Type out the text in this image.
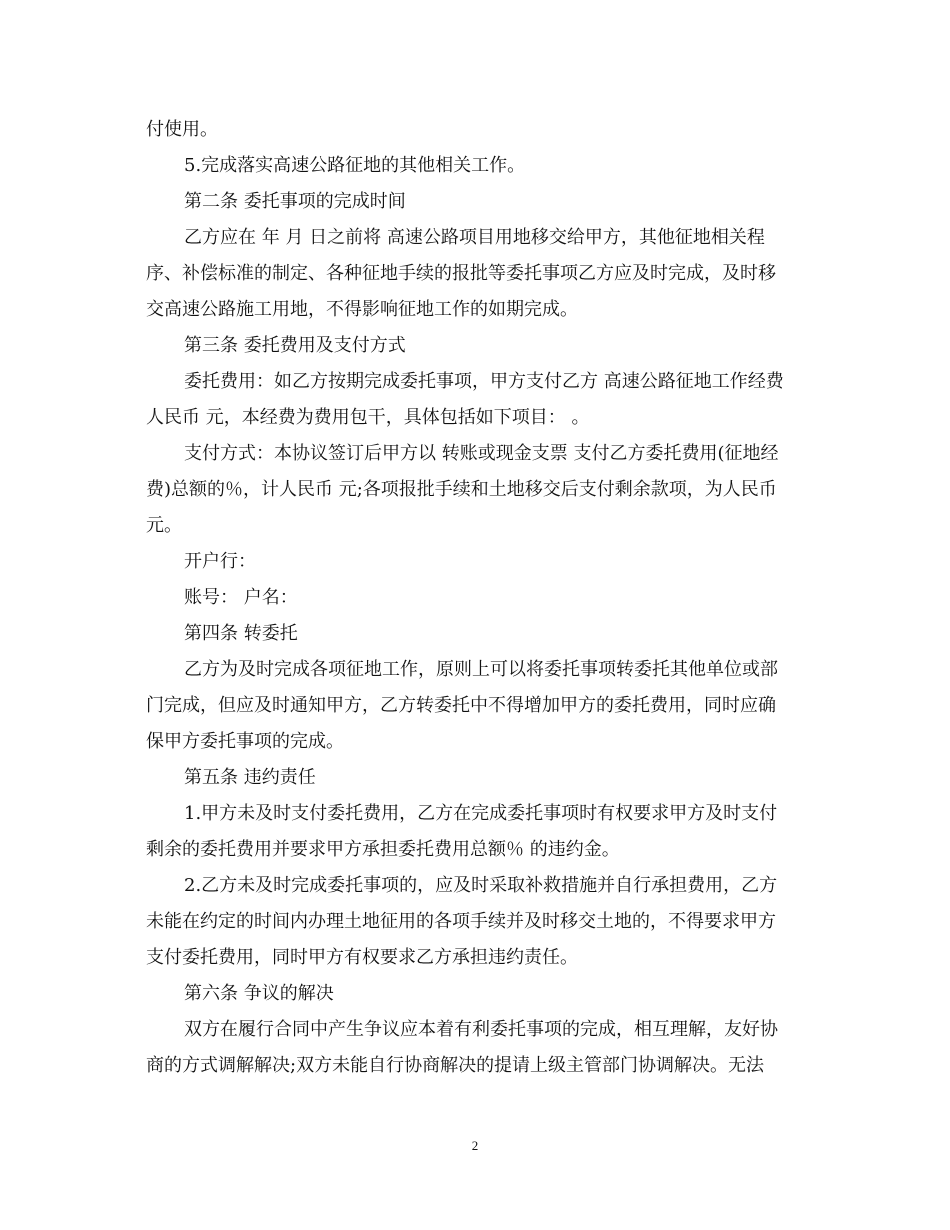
付使用。
5.完成落实高速公路征地的其他相关工作。
第二条 委托事项的完成时间
乙方应在 年 月 日之前将 高速公路项目用地移交给甲方，其他征地相关程
序、补偿标准的制定、各种征地手续的报批等委托事项乙方应及时完成，及时移
交高速公路施工用地，不得影响征地工作的如期完成。
第三条 委托费用及支付方式
委托费用：如乙方按期完成委托事项，甲方支付乙方 高速公路征地工作经费
人民币 元，本经费为费用包干，具体包括如下项目： 。
支付方式：本协议签订后甲方以 转账或现金支票 支付乙方委托费用(征地经
费)总额的％，计人民币 元;各项报批手续和土地移交后支付剩余款项，为人民币
元。
开户行：
账号： 户名：
第四条 转委托
乙方为及时完成各项征地工作，原则上可以将委托事项转委托其他单位或部
门完成，但应及时通知甲方，乙方转委托中不得增加甲方的委托费用，同时应确
保甲方委托事项的完成。
第五条 违约责任
1.甲方未及时支付委托费用，乙方在完成委托事项时有权要求甲方及时支付
剩余的委托费用并要求甲方承担委托费用总额％ 的违约金。
2.乙方未及时完成委托事项的，应及时采取补救措施并自行承担费用，乙方
未能在约定的时间内办理土地征用的各项手续并及时移交土地的，不得要求甲方
支付委托费用，同时甲方有权要求乙方承担违约责任。
第六条 争议的解决
双方在履行合同中产生争议应本着有利委托事项的完成，相互理解，友好协
商的方式调解解决;双方未能自行协商解决的提请上级主管部门协调解决。无法
2
